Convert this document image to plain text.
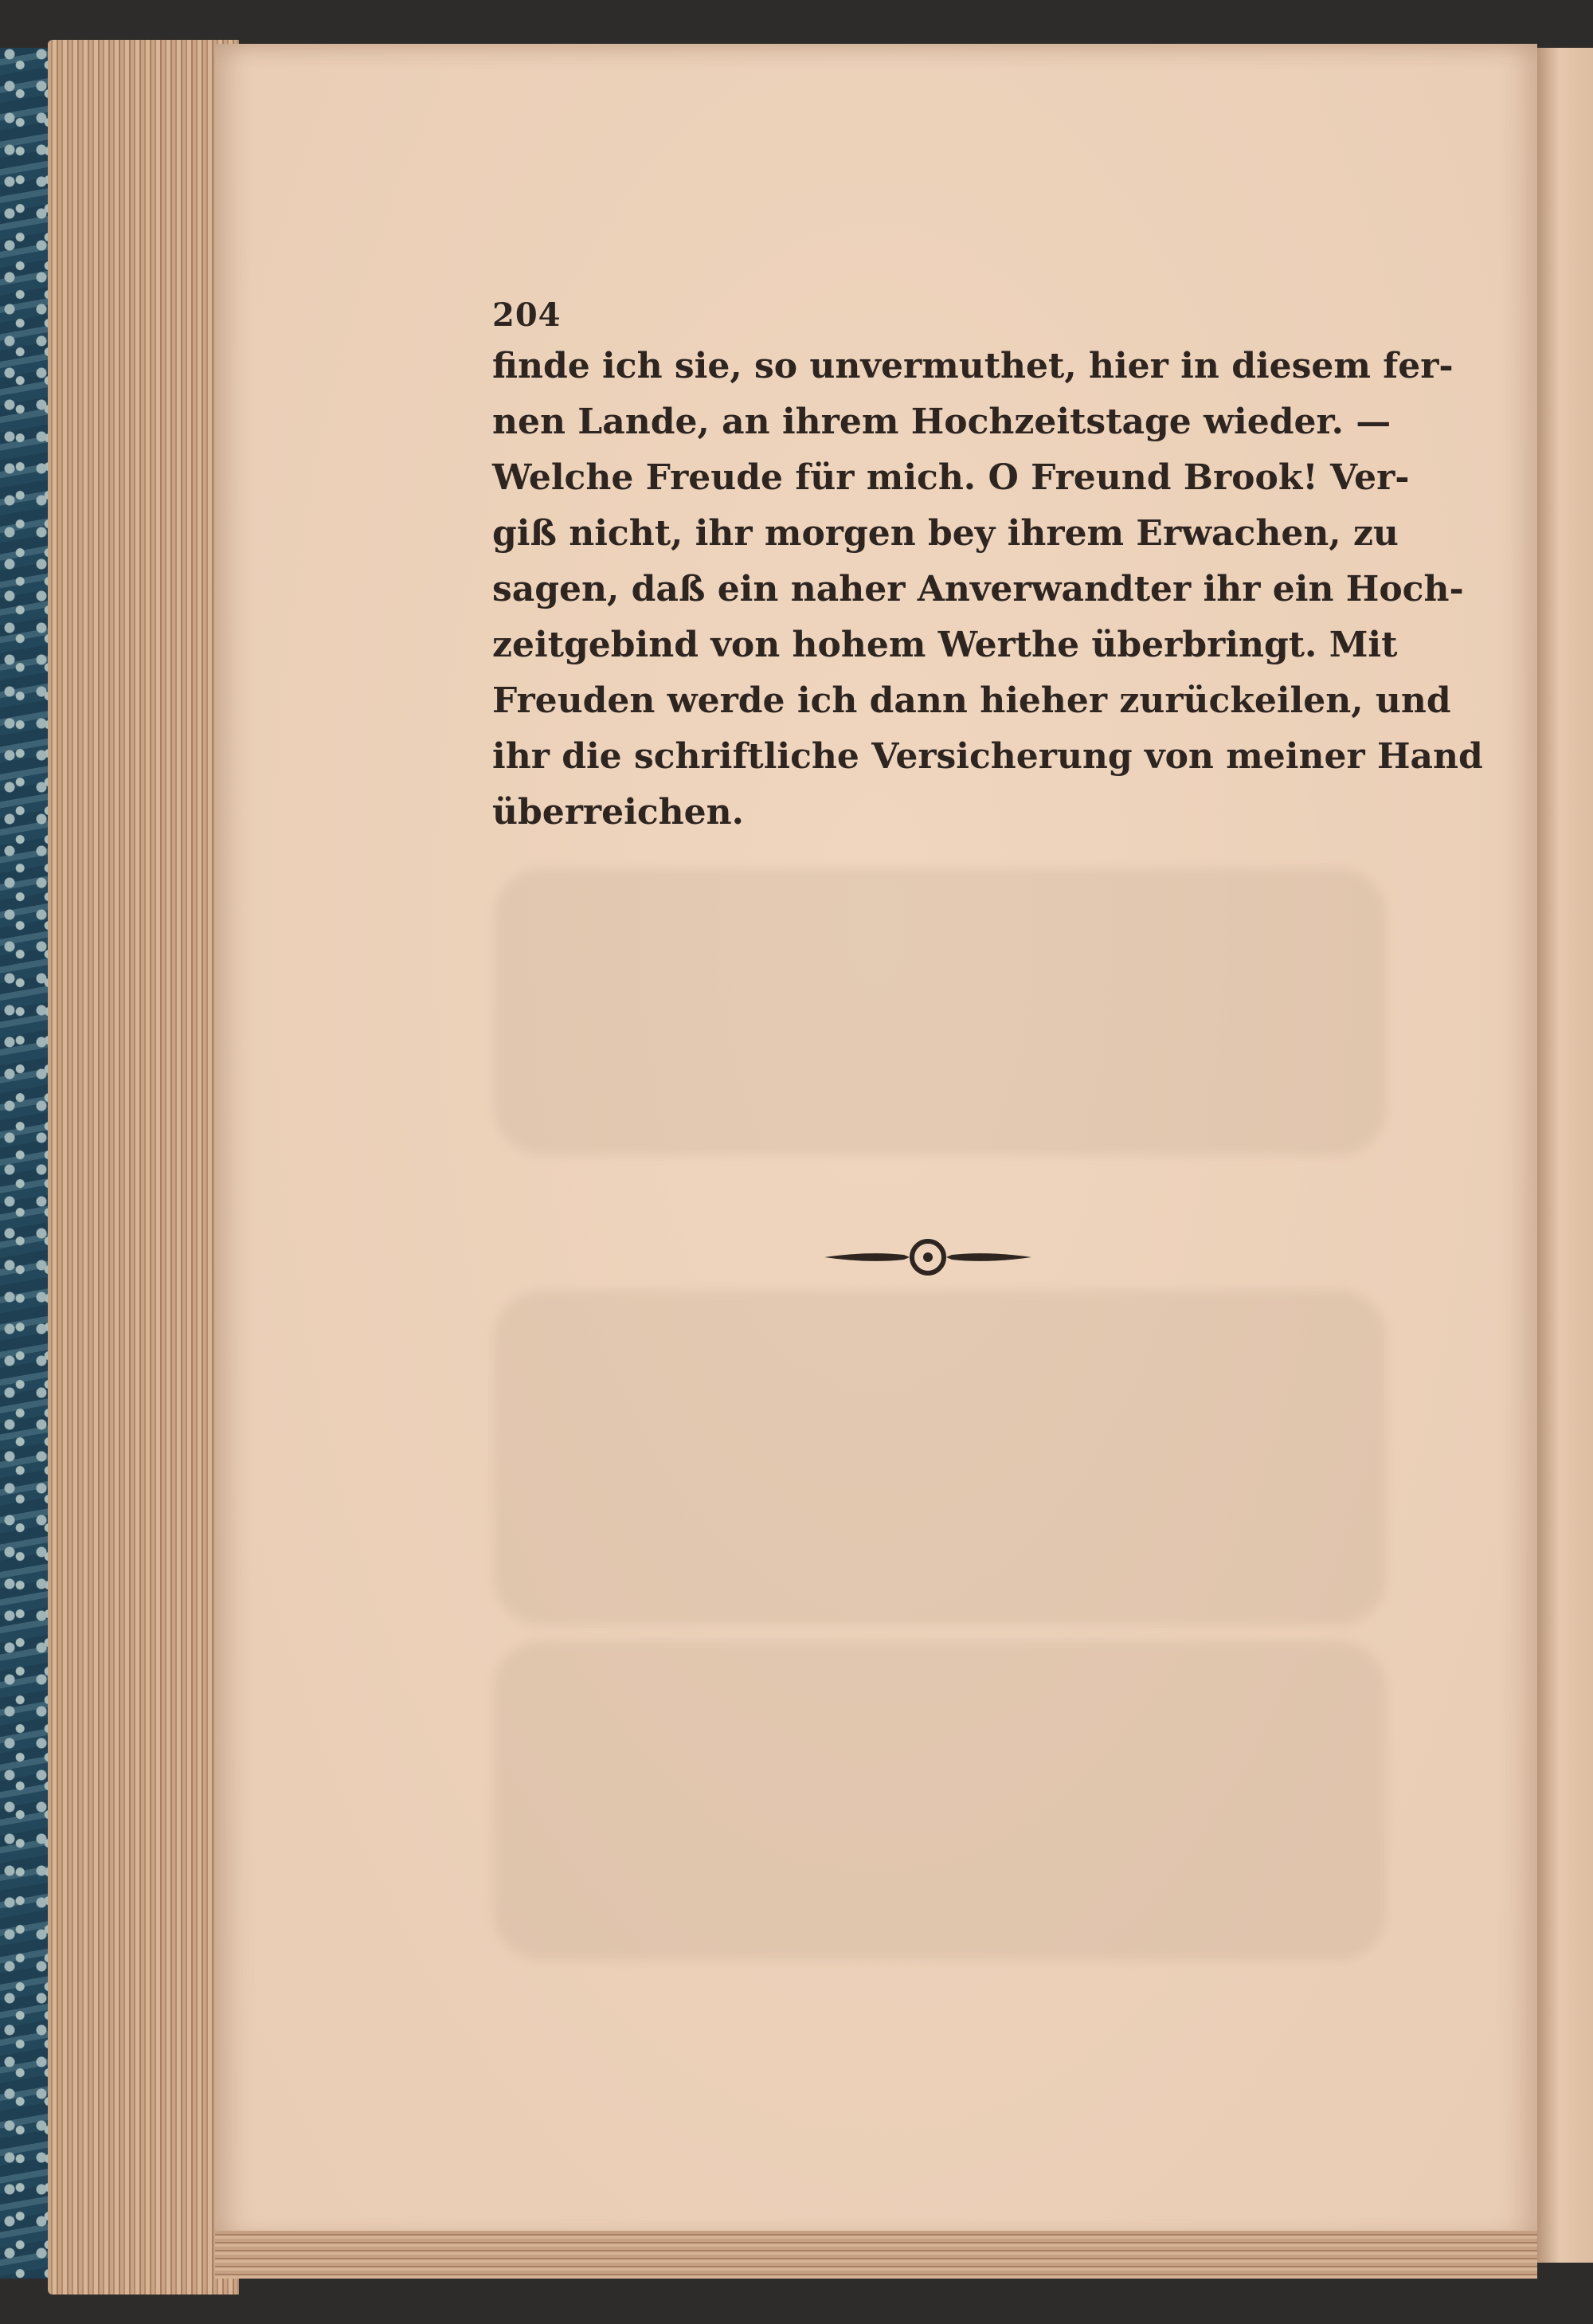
204
finde ich sie, so unvermuthet, hier in diesem fer-
nen Lande, an ihrem Hochzeitstage wieder. —
Welche Freude für mich. O Freund Brook! Ver-
giß nicht, ihr morgen bey ihrem Erwachen, zu
sagen, daß ein naher Anverwandter ihr ein Hoch-
zeitgebind von hohem Werthe überbringt. Mit
Freuden werde ich dann hieher zurückeilen, und
ihr die schriftliche Versicherung von meiner Hand
überreichen.
